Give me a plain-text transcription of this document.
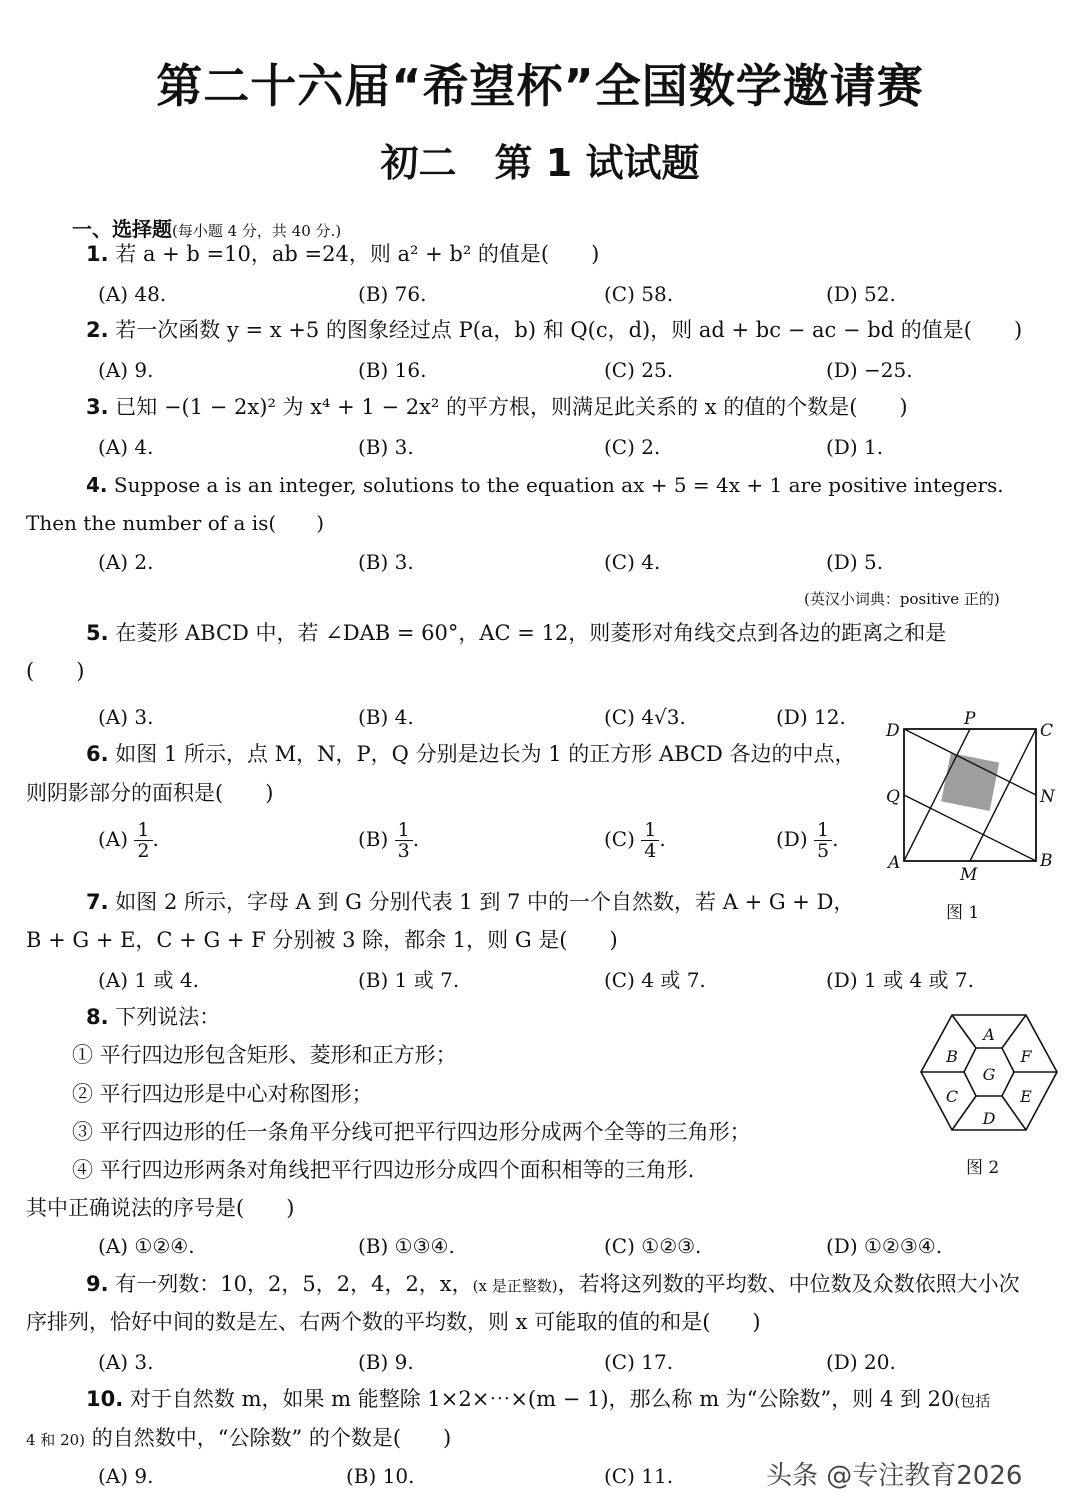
第二十六届“希望杯”全国数学邀请赛
初二　第 1 试试题
一、选择题(每小题 4 分，共 40 分.)
1. 若 a + b =10，ab =24，则 a² + b² 的值是(　　)
(A) 48.	(B) 76.	(C) 58.	(D) 52.
2. 若一次函数 y = x +5 的图象经过点 P(a，b) 和 Q(c，d)，则 ad + bc − ac − bd 的值是(　　)
(A) 9.	(B) 16.	(C) 25.	(D) −25.
3. 已知 −(1 − 2x)² 为 x⁴ + 1 − 2x² 的平方根，则满足此关系的 x 的值的个数是(　　)
(A) 4.	(B) 3.	(C) 2.	(D) 1.
4. Suppose a is an integer, solutions to the equation ax + 5 = 4x + 1 are positive integers.
Then the number of a is(　　)
(A) 2.	(B) 3.	(C) 4.	(D) 5.
(英汉小词典：positive 正的)
5. 在菱形 ABCD 中，若 ∠DAB = 60°，AC = 12，则菱形对角线交点到各边的距离之和是
(　　)
(A) 3.	(B) 4.	(C) 4√3.	(D) 12.
6. 如图 1 所示，点 M，N，P，Q 分别是边长为 1 的正方形 ABCD 各边的中点，
则阴影部分的面积是(　　)
$(A) \frac{1}{2}$ .	$(B) \frac{1}{3}$ .	$(C) \frac{1}{4}$ .	$(D) \frac{1}{5}$ .
D
P
C
Q	N
A	B
M
图 1
7. 如图 2 所示，字母 A 到 G 分别代表 1 到 7 中的一个自然数，若 A + G + D，
B + G + E，C + G + F 分别被 3 除，都余 1，则 G 是(　　)
(A) 1 或 4.	(B) 1 或 7.	(C) 4 或 7.	(D) 1 或 4 或 7.
8. 下列说法：
① 平行四边形包含矩形、菱形和正方形；
② 平行四边形是中心对称图形；
③ 平行四边形的任一条角平分线可把平行四边形分成两个全等的三角形；
④ 平行四边形两条对角线把平行四边形分成四个面积相等的三角形.
其中正确说法的序号是(　　)
(A) ①②④.	(B) ①③④.	(C) ①②③.	(D) ①②③④.
A
B	F
G
C	E
D
图 2
9. 有一列数：10，2，5，2，4，2，x，(x 是正整数)，若将这列数的平均数、中位数及众数依照大小次
序排列，恰好中间的数是左、右两个数的平均数，则 x 可能取的值的和是(　　)
(A) 3.	(B) 9.	(C) 17.	(D) 20.
10. 对于自然数 m，如果 m 能整除 1×2×⋯×(m − 1)，那么称 m 为“公除数”，则 4 到 20(包括
4 和 20) 的自然数中，“公除数” 的个数是(　　)
(A) 9.	(B) 10.	(C) 11.	头条 @专注教育2026
